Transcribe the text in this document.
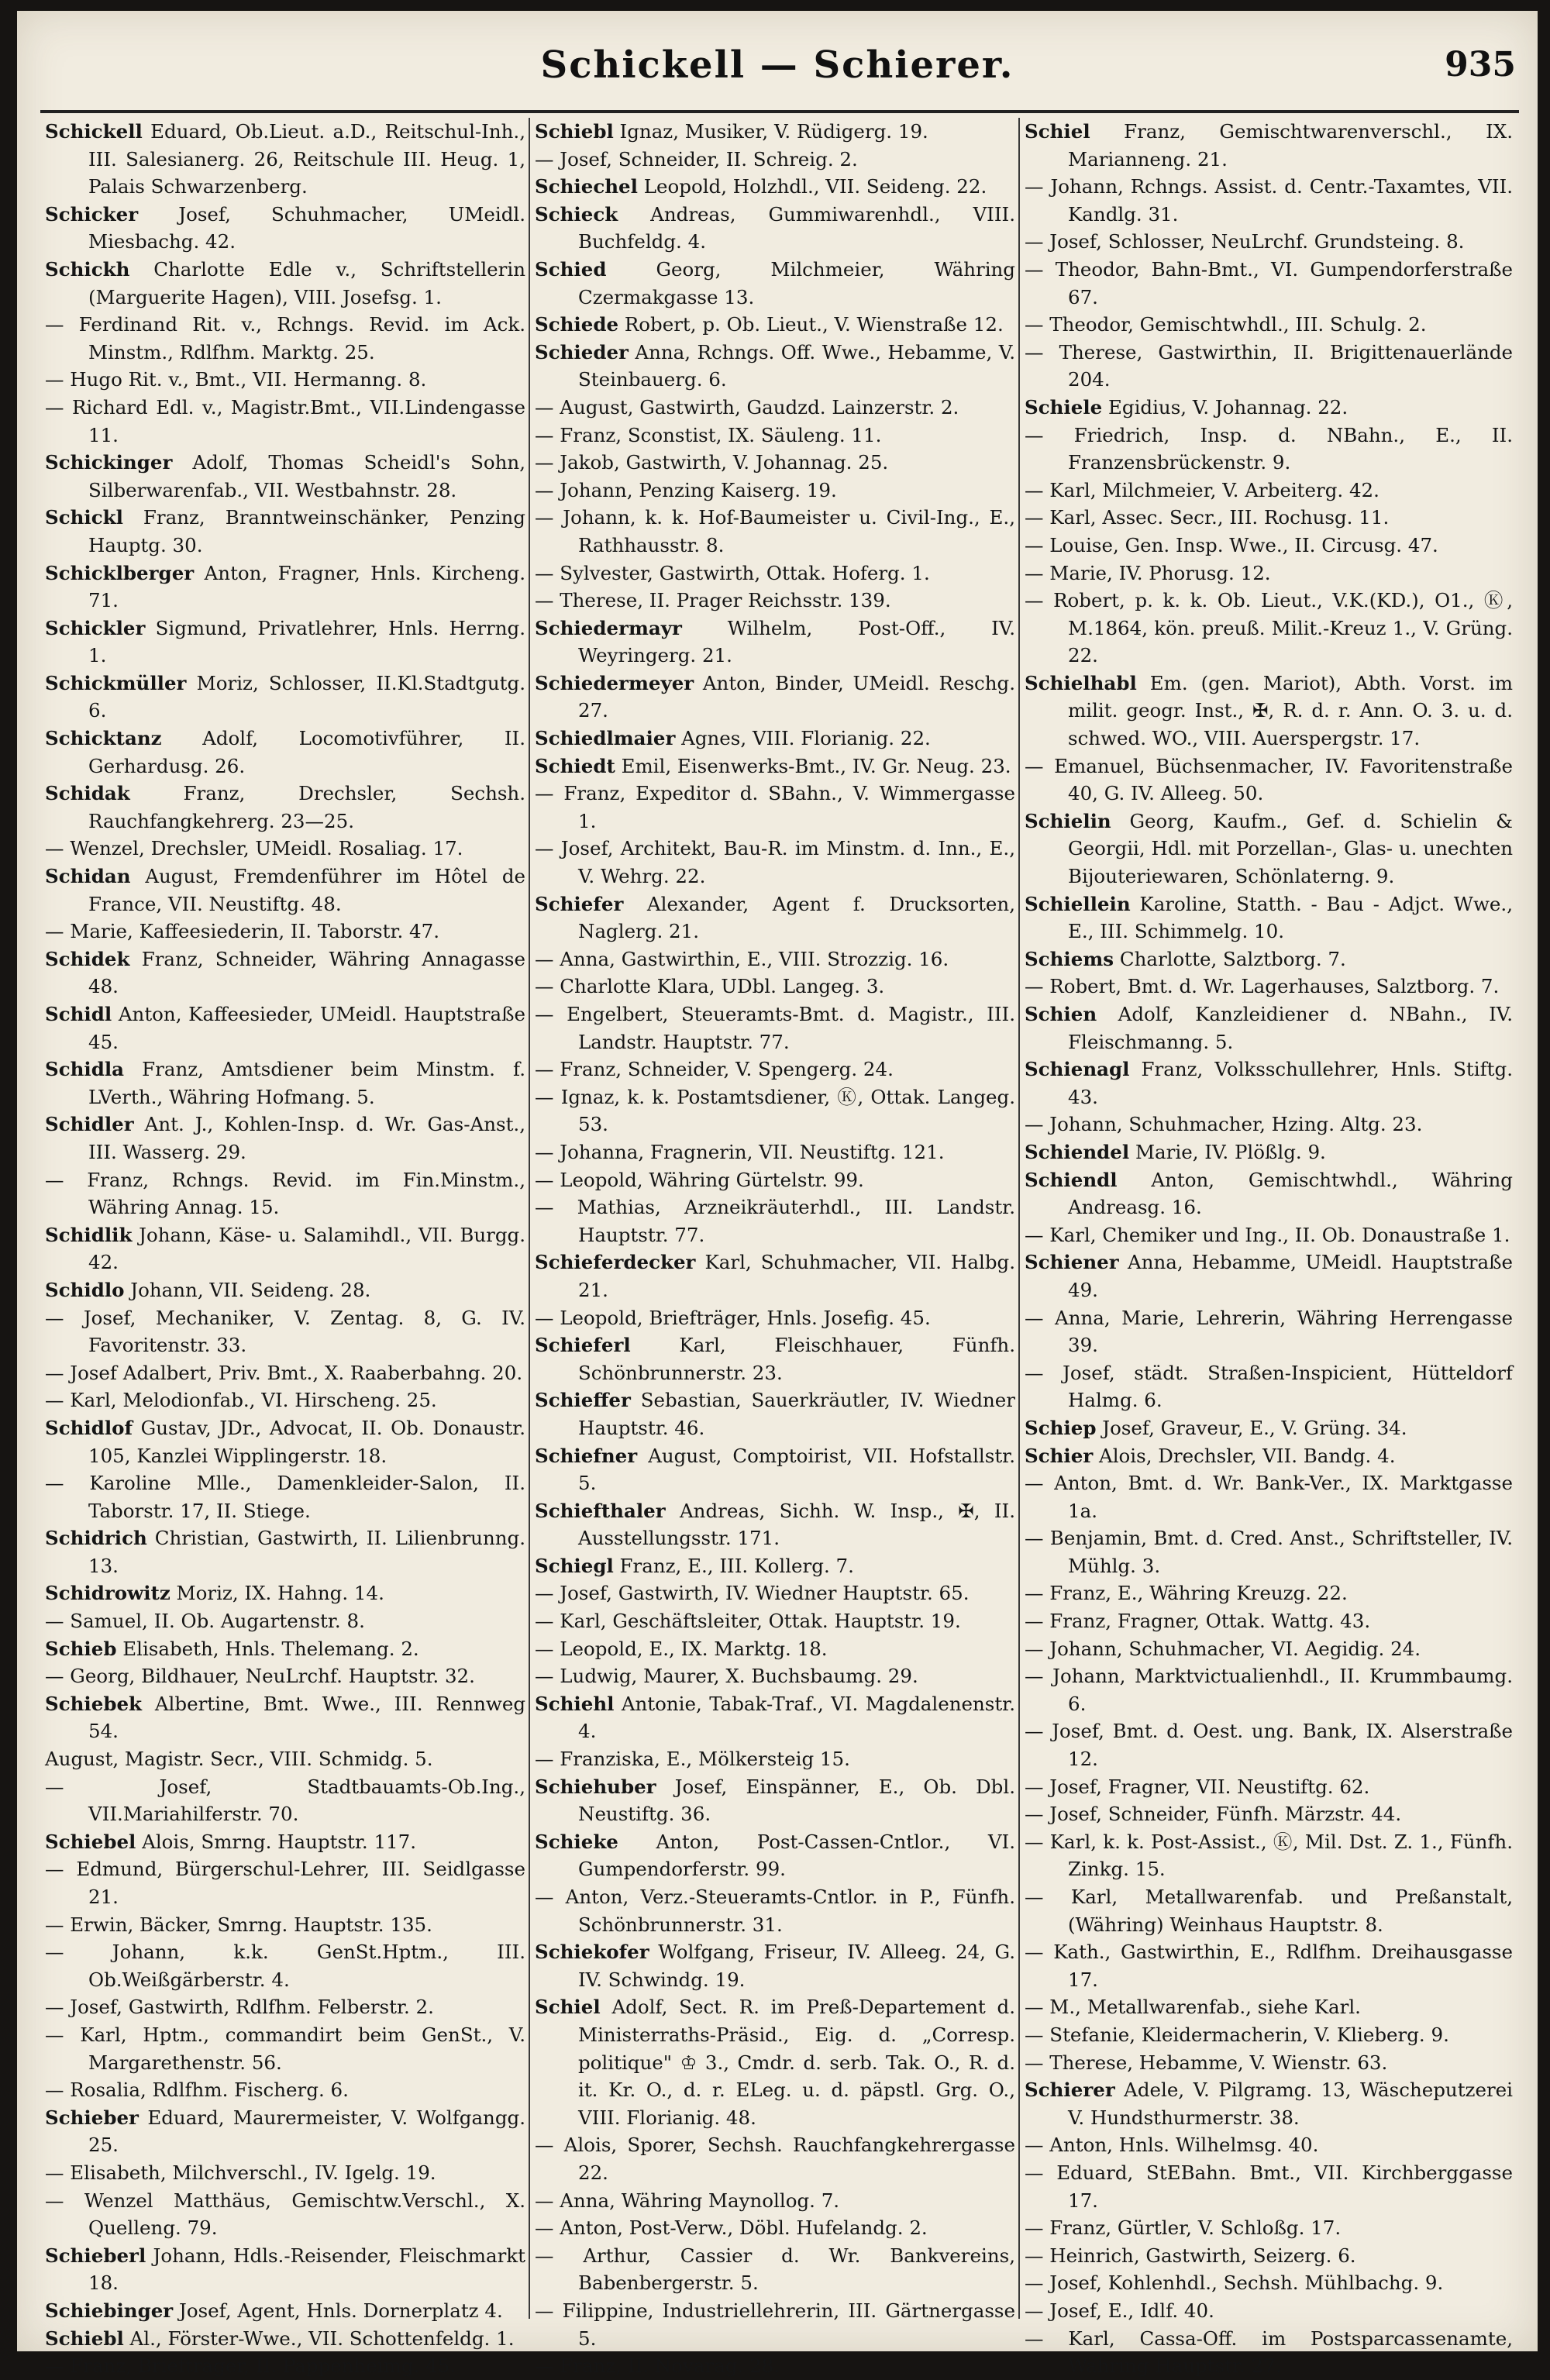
Schickell — Schierer.	935

Schickell Eduard, Ob.Lieut. a.D., Reitschul-Inh., III. Salesianerg. 26, Reitschule III. Heug. 1, Palais Schwarzenberg.

Schicker Josef, Schuhmacher, UMeidl. Miesbachg. 42.

Schickh Charlotte Edle v., Schriftstellerin (Marguerite Hagen), VIII. Josefsg. 1.

— Ferdinand Rit. v., Rchngs. Revid. im Ack. Minstm., Rdlfhm. Marktg. 25.

— Hugo Rit. v., Bmt., VII. Hermanng. 8.

— Richard Edl. v., Magistr.Bmt., VII.Lindengasse 11.

Schickinger Adolf, Thomas Scheidl's Sohn, Silberwarenfab., VII. Westbahnstr. 28.

Schickl Franz, Branntweinschänker, Penzing Hauptg. 30.

Schicklberger Anton, Fragner, Hnls. Kircheng. 71.

Schickler Sigmund, Privatlehrer, Hnls. Herrng. 1.

Schickmüller Moriz, Schlosser, II.Kl.Stadtgutg. 6.

Schicktanz Adolf, Locomotivführer, II. Gerhardusg. 26.

Schidak Franz, Drechsler, Sechsh. Rauchfangkehrerg. 23—25.

— Wenzel, Drechsler, UMeidl. Rosaliag. 17.

Schidan August, Fremdenführer im Hôtel de France, VII. Neustiftg. 48.

— Marie, Kaffeesiederin, II. Taborstr. 47.

Schidek Franz, Schneider, Währing Annagasse 48.

Schidl Anton, Kaffeesieder, UMeidl. Hauptstraße 45.

Schidla Franz, Amtsdiener beim Minstm. f. LVerth., Währing Hofmang. 5.

Schidler Ant. J., Kohlen-Insp. d. Wr. Gas-Anst., III. Wasserg. 29.

— Franz, Rchngs. Revid. im Fin.Minstm., Währing Annag. 15.

Schidlik Johann, Käse- u. Salamihdl., VII. Burgg. 42.

Schidlo Johann, VII. Seideng. 28.

— Josef, Mechaniker, V. Zentag. 8, G. IV. Favoritenstr. 33.

— Josef Adalbert, Priv. Bmt., X. Raaberbahng. 20.

— Karl, Melodionfab., VI. Hirscheng. 25.

Schidlof Gustav, JDr., Advocat, II. Ob. Donaustr. 105, Kanzlei Wipplingerstr. 18.

— Karoline Mlle., Damenkleider-Salon, II. Taborstr. 17, II. Stiege.

Schidrich Christian, Gastwirth, II. Lilienbrunng. 13.

Schidrowitz Moriz, IX. Hahng. 14.

— Samuel, II. Ob. Augartenstr. 8.

Schieb Elisabeth, Hnls. Thelemang. 2.

— Georg, Bildhauer, NeuLrchf. Hauptstr. 32.

Schiebek Albertine, Bmt. Wwe., III. Rennweg 54.

August, Magistr. Secr., VIII. Schmidg. 5.

— Josef, Stadtbauamts-Ob.Ing., VII.Mariahilferstr. 70.

Schiebel Alois, Smrng. Hauptstr. 117.

— Edmund, Bürgerschul-Lehrer, III. Seidlgasse 21.

— Erwin, Bäcker, Smrng. Hauptstr. 135.

— Johann, k.k. GenSt.Hptm., III. Ob.Weißgärberstr. 4.

— Josef, Gastwirth, Rdlfhm. Felberstr. 2.

— Karl, Hptm., commandirt beim GenSt., V. Margarethenstr. 56.

— Rosalia, Rdlfhm. Fischerg. 6.

Schieber Eduard, Maurermeister, V. Wolfgangg. 25.

— Elisabeth, Milchverschl., IV. Igelg. 19.

— Wenzel Matthäus, Gemischtw.Verschl., X. Quelleng. 79.

Schieberl Johann, Hdls.-Reisender, Fleischmarkt 18.

Schiebinger Josef, Agent, Hnls. Dornerplatz 4.

Schiebl Al., Förster-Wwe., VII. Schottenfeldg. 1.

— Franz, Briefträger, II. Pappenheimg. 45.

Schiebl Ignaz, Musiker, V. Rüdigerg. 19.

— Josef, Schneider, II. Schreig. 2.

Schiechel Leopold, Holzhdl., VII. Seideng. 22.

Schieck Andreas, Gummiwarenhdl., VIII. Buchfeldg. 4.

Schied Georg, Milchmeier, Währing Czermakgasse 13.

Schiede Robert, p. Ob. Lieut., V. Wienstraße 12.

Schieder Anna, Rchngs. Off. Wwe., Hebamme, V. Steinbauerg. 6.

— August, Gastwirth, Gaudzd. Lainzerstr. 2.

— Franz, Sconstist, IX. Säuleng. 11.

— Jakob, Gastwirth, V. Johannag. 25.

— Johann, Penzing Kaiserg. 19.

— Johann, k. k. Hof-Baumeister u. Civil-Ing., E., Rathhausstr. 8.

— Sylvester, Gastwirth, Ottak. Hoferg. 1.

— Therese, II. Prager Reichsstr. 139.

Schiedermayr Wilhelm, Post-Off., IV. Weyringerg. 21.

Schiedermeyer Anton, Binder, UMeidl. Reschg. 27.

Schiedlmaier Agnes, VIII. Florianig. 22.

Schiedt Emil, Eisenwerks-Bmt., IV. Gr. Neug. 23.

— Franz, Expeditor d. SBahn., V. Wimmergasse 1.

— Josef, Architekt, Bau-R. im Minstm. d. Inn., E., V. Wehrg. 22.

Schiefer Alexander, Agent f. Drucksorten, Naglerg. 21.

— Anna, Gastwirthin, E., VIII. Strozzig. 16.

— Charlotte Klara, UDbl. Langeg. 3.

— Engelbert, Steueramts-Bmt. d. Magistr., III. Landstr. Hauptstr. 77.

— Franz, Schneider, V. Spengerg. 24.

— Ignaz, k. k. Postamtsdiener, Ⓚ, Ottak. Langeg. 53.

— Johanna, Fragnerin, VII. Neustiftg. 121.

— Leopold, Währing Gürtelstr. 99.

— Mathias, Arzneikräuterhdl., III. Landstr. Hauptstr. 77.

Schieferdecker Karl, Schuhmacher, VII. Halbg. 21.

— Leopold, Briefträger, Hnls. Josefig. 45.

Schieferl Karl, Fleischhauer, Fünfh. Schönbrunnerstr. 23.

Schieffer Sebastian, Sauerkräutler, IV. Wiedner Hauptstr. 46.

Schiefner August, Comptoirist, VII. Hofstallstr. 5.

Schiefthaler Andreas, Sichh. W. Insp., ✠, II. Ausstellungsstr. 171.

Schiegl Franz, E., III. Kollerg. 7.

— Josef, Gastwirth, IV. Wiedner Hauptstr. 65.

— Karl, Geschäftsleiter, Ottak. Hauptstr. 19.

— Leopold, E., IX. Marktg. 18.

— Ludwig, Maurer, X. Buchsbaumg. 29.

Schiehl Antonie, Tabak-Traf., VI. Magdalenenstr. 4.

— Franziska, E., Mölkersteig 15.

Schiehuber Josef, Einspänner, E., Ob. Dbl. Neustiftg. 36.

Schieke Anton, Post-Cassen-Cntlor., VI. Gumpendorferstr. 99.

— Anton, Verz.-Steueramts-Cntlor. in P., Fünfh. Schönbrunnerstr. 31.

Schiekofer Wolfgang, Friseur, IV. Alleeg. 24, G. IV. Schwindg. 19.

Schiel Adolf, Sect. R. im Preß-Departement d. Ministerraths-Präsid., Eig. d. „Corresp. politique" ♔ 3., Cmdr. d. serb. Tak. O., R. d. it. Kr. O., d. r. ELeg. u. d. päpstl. Grg. O., VIII. Florianig. 48.

— Alois, Sporer, Sechsh. Rauchfangkehrergasse 22.

— Anna, Währing Maynollog. 7.

— Anton, Post-Verw., Döbl. Hufelandg. 2.

— Arthur, Cassier d. Wr. Bankvereins, Babenbergerstr. 5.

— Filippine, Industriellehrerin, III. Gärtnergasse 5.

— Franz, II. Novarag. 28.

Schiel Franz, Gemischtwarenverschl., IX. Mariannеng. 21.

— Johann, Rchngs. Assist. d. Centr.-Taxamtes, VII. Kandlg. 31.

— Josef, Schlosser, NeuLrchf. Grundsteing. 8.

— Theodor, Bahn-Bmt., VI. Gumpendorferstraße 67.

— Theodor, Gemischtwhdl., III. Schulg. 2.

— Therese, Gastwirthin, II. Brigittenauerlände 204.

Schiele Egidius, V. Johannag. 22.

— Friedrich, Insp. d. NBahn., E., II. Franzensbrückenstr. 9.

— Karl, Milchmeier, V. Arbeiterg. 42.

— Karl, Assec. Secr., III. Rochusg. 11.

— Louise, Gen. Insp. Wwe., II. Circusg. 47.

— Marie, IV. Phorusg. 12.

— Robert, p. k. k. Ob. Lieut., V.K.(KD.), O1., Ⓚ, M.1864, kön. preuß. Milit.-Kreuz 1., V. Grüng. 22.

Schielhabl Em. (gen. Mariot), Abth. Vorst. im milit. geogr. Inst., ✠, R. d. r. Ann. O. 3. u. d. schwed. WO., VIII. Auerspergstr. 17.

— Emanuel, Büchsenmacher, IV. Favoritenstraße 40, G. IV. Alleeg. 50.

Schielin Georg, Kaufm., Gef. d. Schielin & Georgii, Hdl. mit Porzellan-, Glas- u. unechten Bijouteriewaren, Schönlaterng. 9.

Schiellein Karoline, Statth. - Bau - Adjct. Wwe., E., III. Schimmelg. 10.

Schiems Charlotte, Salztborg. 7.

— Robert, Bmt. d. Wr. Lagerhauses, Salztborg. 7.

Schien Adolf, Kanzleidiener d. NBahn., IV. Fleischmanng. 5.

Schienagl Franz, Volksschullehrer, Hnls. Stiftg. 43.

— Johann, Schuhmacher, Hzing. Altg. 23.

Schiendel Marie, IV. Plößlg. 9.

Schiendl Anton, Gemischtwhdl., Währing Andreasg. 16.

— Karl, Chemiker und Ing., II. Ob. Donaustraße 1.

Schiener Anna, Hebamme, UMeidl. Hauptstraße 49.

— Anna, Marie, Lehrerin, Währing Herrengasse 39.

— Josef, städt. Straßen-Inspicient, Hütteldorf Halmg. 6.

Schiep Josef, Graveur, E., V. Grüng. 34.

Schier Alois, Drechsler, VII. Bandg. 4.

— Anton, Bmt. d. Wr. Bank-Ver., IX. Marktgasse 1a.

— Benjamin, Bmt. d. Cred. Anst., Schriftsteller, IV. Mühlg. 3.

— Franz, E., Währing Kreuzg. 22.

— Franz, Fragner, Ottak. Wattg. 43.

— Johann, Schuhmacher, VI. Aegidig. 24.

— Johann, Marktvictualienhdl., II. Krummbaumg. 6.

— Josef, Bmt. d. Oest. ung. Bank, IX. Alserstraße 12.

— Josef, Fragner, VII. Neustiftg. 62.

— Josef, Schneider, Fünfh. Märzstr. 44.

— Karl, k. k. Post-Assist., Ⓚ, Mil. Dst. Z. 1., Fünfh. Zinkg. 15.

— Karl, Metallwarenfab. und Preßanstalt, (Währing) Weinhaus Hauptstr. 8.

— Kath., Gastwirthin, E., Rdlfhm. Dreihausgasse 17.

— M., Metallwarenfab., siehe Karl.

— Stefanie, Kleidermacherin, V. Klieberg. 9.

— Therese, Hebamme, V. Wienstr. 63.

Schierer Adele, V. Pilgramg. 13, Wäscheputzerei V. Hundsthurmerstr. 38.

— Anton, Hnls. Wilhelmsg. 40.

— Eduard, StEBahn. Bmt., VII. Kirchberggasse 17.

— Franz, Gürtler, V. Schloßg. 17.

— Heinrich, Gastwirth, Seizerg. 6.

— Josef, Kohlenhdl., Sechsh. Mühlbachg. 9.

— Josef, E., Idlf. 40.

— Karl, Cassa-Off. im Postsparcassenamte, Währing Hauptstr. 27.
